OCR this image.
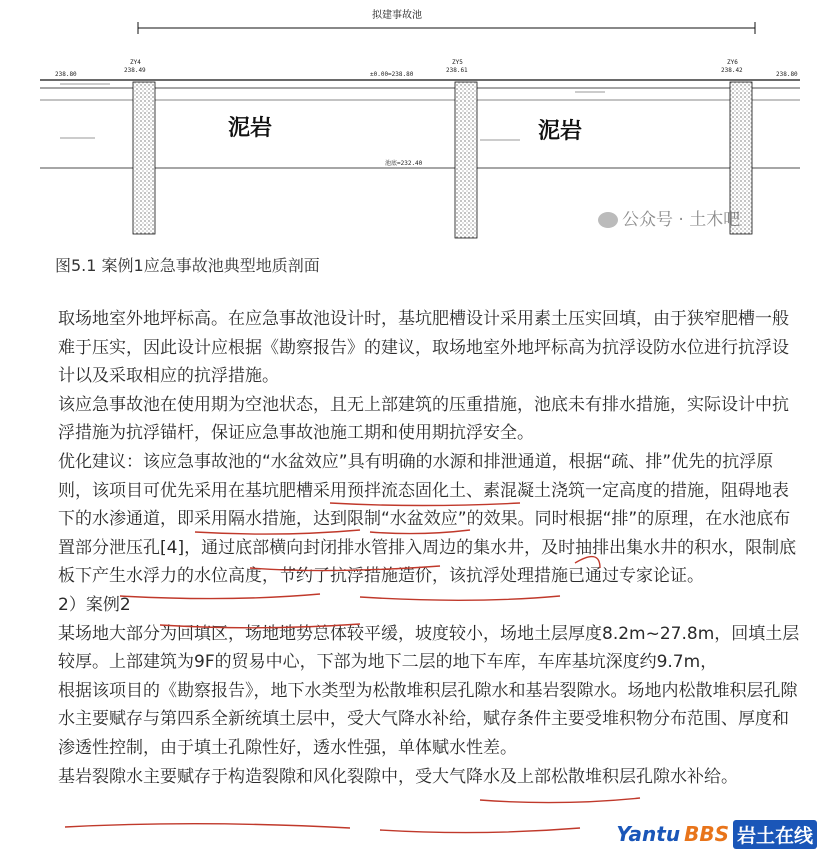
拟建事故池
238.80	238.80
±0.00=238.80
池底=232.40
ZY4
238.49
ZY5
238.61
ZY6
238.42
泥岩	泥岩
公众号 · 土木吧
图5.1 案例1应急事故池典型地质剖面

取场地室外地坪标高。在应急事故池设计时，基坑肥槽设计采用素土压实回填，由于狭窄肥槽一般难于压实，因此设计应根据《勘察报告》的建议，取场地室外地坪标高为抗浮设防水位进行抗浮设计以及采取相应的抗浮措施。

该应急事故池在使用期为空池状态，且无上部建筑的压重措施，池底未有排水措施，实际设计中抗浮措施为抗浮锚杆，保证应急事故池施工期和使用期抗浮安全。

优化建议：该应急事故池的“水盆效应”具有明确的水源和排泄通道，根据“疏、排”优先的抗浮原则，该项目可优先采用在基坑肥槽采用预拌流态固化土、素混凝土浇筑一定高度的措施，阻碍地表下的水渗通道，即采用隔水措施，达到限制“水盆效应”的效果。同时根据“排”的原理，在水池底布置部分泄压孔[4]，通过底部横向封闭排水管排入周边的集水井，及时抽排出集水井的积水，限制底板下产生水浮力的水位高度，节约了抗浮措施造价，该抗浮处理措施已通过专家论证。

2）案例2

某场地大部分为回填区，场地地势总体较平缓，坡度较小，场地土层厚度8.2m~27.8m，回填土层较厚。上部建筑为9F的贸易中心，下部为地下二层的地下车库，车库基坑深度约9.7m，

根据该项目的《勘察报告》，地下水类型为松散堆积层孔隙水和基岩裂隙水。场地内松散堆积层孔隙水主要赋存与第四系全新统填土层中，受大气降水补给，赋存条件主要受堆积物分布范围、厚度和渗透性控制，由于填土孔隙性好，透水性强，单体赋水性差。

基岩裂隙水主要赋存于构造裂隙和风化裂隙中，受大气降水及上部松散堆积层孔隙水补给。

Yantu BBS 岩土在线
